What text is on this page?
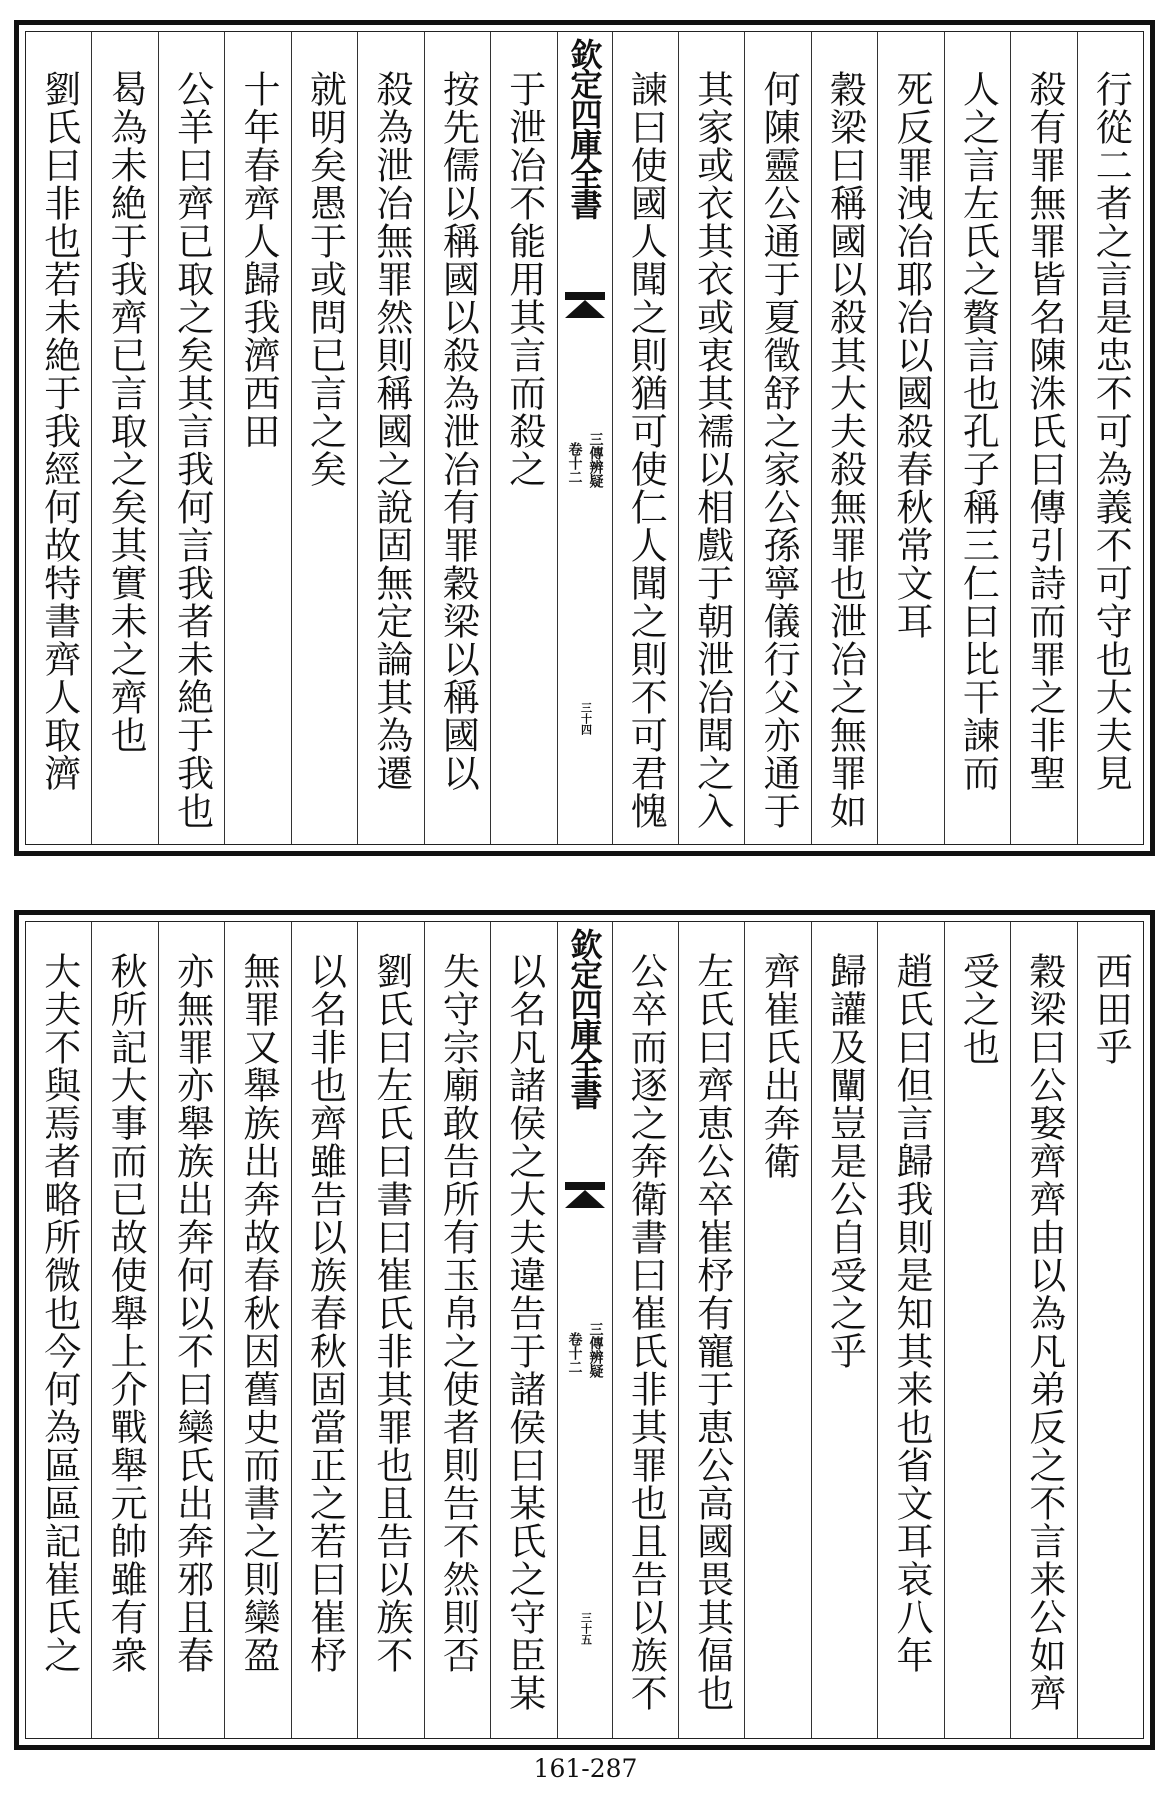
行從二者之言是忠不可為義不可守也大夫見
殺有罪無罪皆名陳洙氏曰傳引詩而罪之非聖
人之言左氏之贅言也孔子稱三仁曰比干諫而
死反罪洩冶耶冶以國殺春秋常文耳
穀梁曰稱國以殺其大夫殺無罪也泄冶之無罪如
何陳靈公通于夏徵舒之家公孫寧儀行父亦通于
其家或衣其衣或衷其襦以相戲于朝泄冶聞之入
諫曰使國人聞之則猶可使仁人聞之則不可君愧
欽定四庫全書
三傳辨疑
卷十二
三十四
于泄冶不能用其言而殺之
按先儒以稱國以殺為泄冶有罪穀梁以稱國以
殺為泄冶無罪然則稱國之說固無定論其為遷
就明矣愚于或問已言之矣
十年春齊人歸我濟西田
公羊曰齊已取之矣其言我何言我者未絶于我也
曷為未絶于我齊已言取之矣其實未之齊也
劉氏曰非也若未絶于我經何故特書齊人取濟
西田乎
穀梁曰公娶齊齊由以為凡弟反之不言来公如齊
受之也
趙氏曰但言歸我則是知其来也省文耳哀八年
歸讙及闡豈是公自受之乎
齊崔氏出奔衛
左氏曰齊恵公卒崔杼有寵于恵公高國畏其偪也
公卒而逐之奔衛書曰崔氏非其罪也且告以族不
欽定四庫全書
三傳辨疑
卷十二
三十五
以名凡諸侯之大夫違告于諸侯曰某氏之守臣某
失守宗廟敢告所有玉帛之使者則告不然則否
劉氏曰左氏曰書曰崔氏非其罪也且告以族不
以名非也齊雖告以族春秋固當正之若曰崔杼
無罪又舉族出奔故春秋因舊史而書之則欒盈
亦無罪亦舉族出奔何以不曰欒氏出奔邪且春
秋所記大事而已故使舉上介戰舉元帥雖有衆
大夫不與焉者略所微也今何為區區記崔氏之
161-287
